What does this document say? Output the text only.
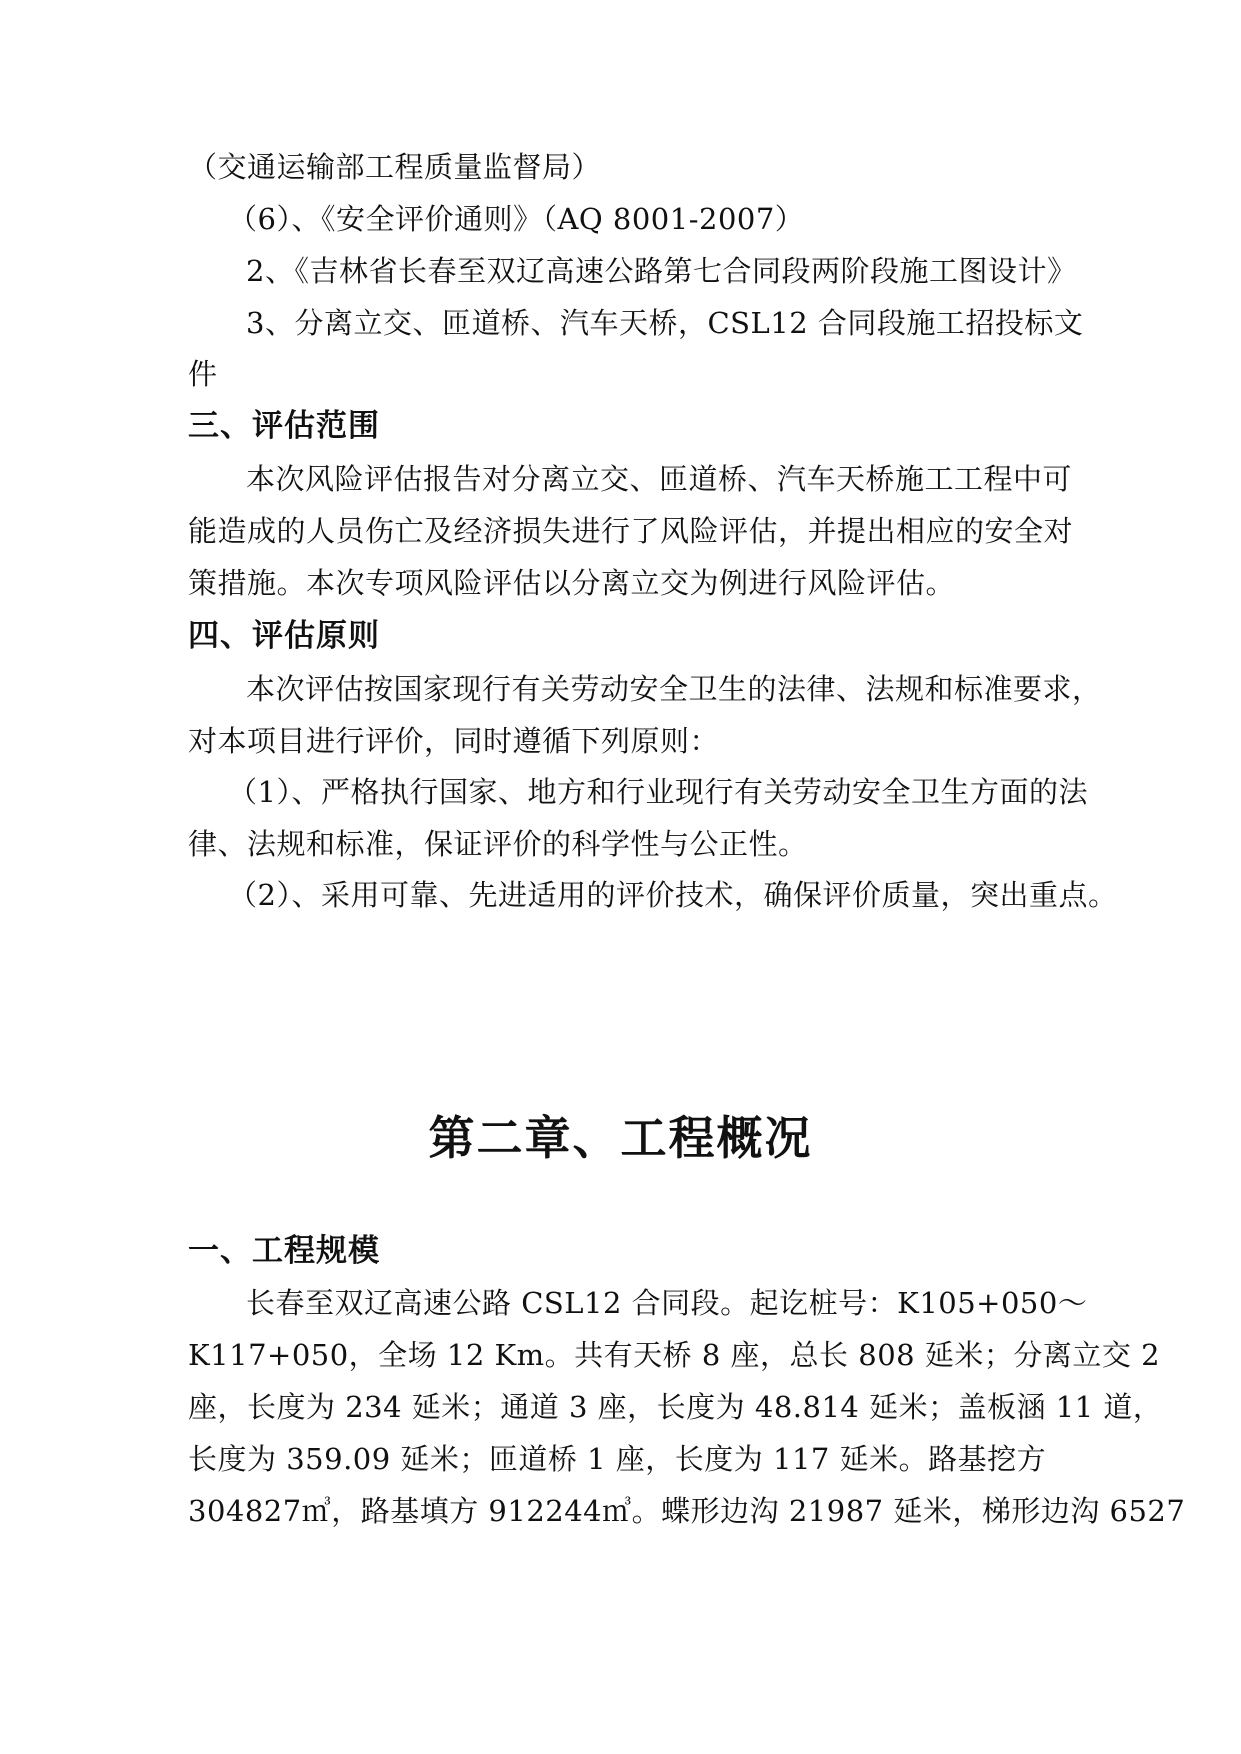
（交通运输部工程质量监督局）
（6）、《安全评价通则》（AQ 8001-2007）
2、《吉林省长春至双辽高速公路第七合同段两阶段施工图设计》
3、分离立交、匝道桥、汽车天桥，CSL12 合同段施工招投标文
件
三、评估范围
本次风险评估报告对分离立交、匝道桥、汽车天桥施工工程中可
能造成的人员伤亡及经济损失进行了风险评估，并提出相应的安全对
策措施。本次专项风险评估以分离立交为例进行风险评估。
四、评估原则
本次评估按国家现行有关劳动安全卫生的法律、法规和标准要求，
对本项目进行评价，同时遵循下列原则：
（1）、严格执行国家、地方和行业现行有关劳动安全卫生方面的法
律、法规和标准，保证评价的科学性与公正性。
（2）、采用可靠、先进适用的评价技术，确保评价质量，突出重点。
第二章、工程概况
一、工程规模
长春至双辽高速公路 CSL12 合同段。起讫桩号：K105+050～
K117+050，全场 12 Km。共有天桥 8 座，总长 808 延米；分离立交 2
座，长度为 234 延米；通道 3 座，长度为 48.814 延米；盖板涵 11 道，
长度为 359.09 延米；匝道桥 1 座，长度为 117 延米。路基挖方
304827㎥，路基填方 912244㎥。蝶形边沟 21987 延米，梯形边沟 6527
